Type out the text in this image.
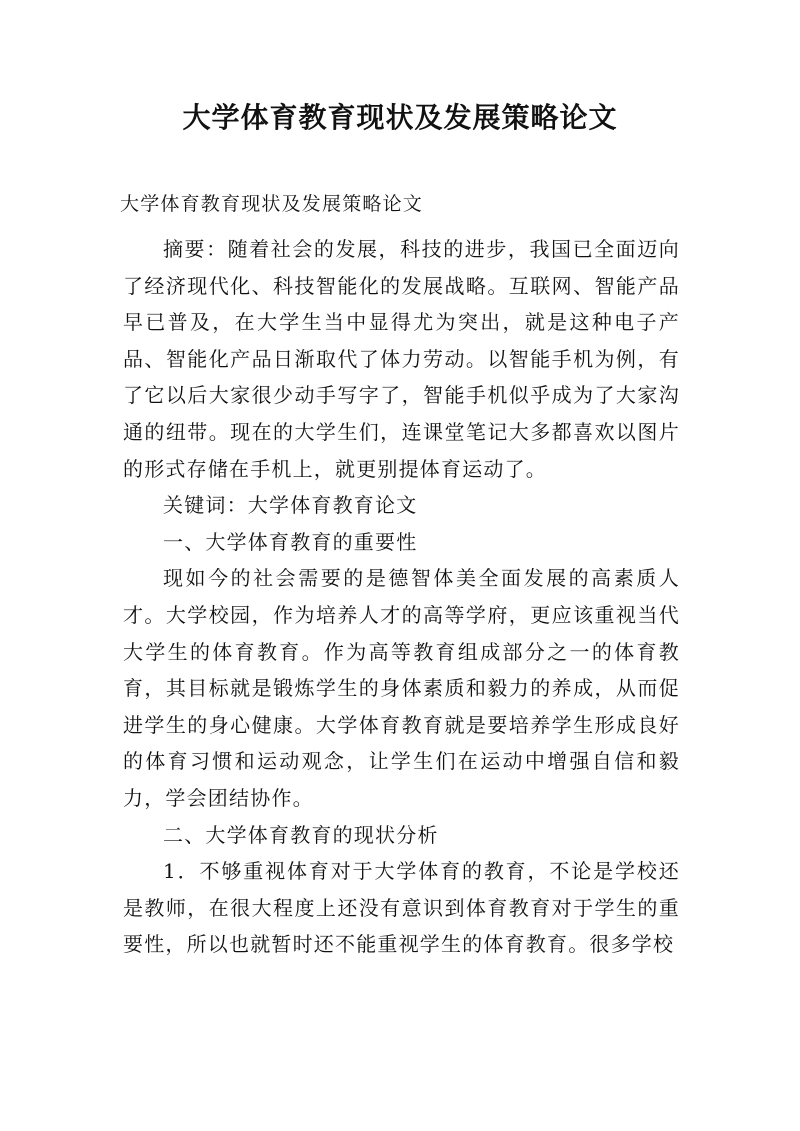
大学体育教育现状及发展策略论文
大学体育教育现状及发展策略论文

摘要：随着社会的发展，科技的进步，我国已全面迈向了经济现代化、科技智能化的发展战略。互联网、智能产品早已普及，在大学生当中显得尤为突出，就是这种电子产品、智能化产品日渐取代了体力劳动。以智能手机为例，有了它以后大家很少动手写字了，智能手机似乎成为了大家沟通的纽带。现在的大学生们，连课堂笔记大多都喜欢以图片的形式存储在手机上，就更别提体育运动了。

关键词：大学体育教育论文

一、大学体育教育的重要性

现如今的社会需要的是德智体美全面发展的高素质人才。大学校园，作为培养人才的高等学府，更应该重视当代大学生的体育教育。作为高等教育组成部分之一的体育教育，其目标就是锻炼学生的身体素质和毅力的养成，从而促进学生的身心健康。大学体育教育就是要培养学生形成良好的体育习惯和运动观念，让学生们在运动中增强自信和毅力，学会团结协作。

二、大学体育教育的现状分析

1．不够重视体育对于大学体育的教育，不论是学校还是教师，在很大程度上还没有意识到体育教育对于学生的重要性，所以也就暂时还不能重视学生的体育教育。很多学校
